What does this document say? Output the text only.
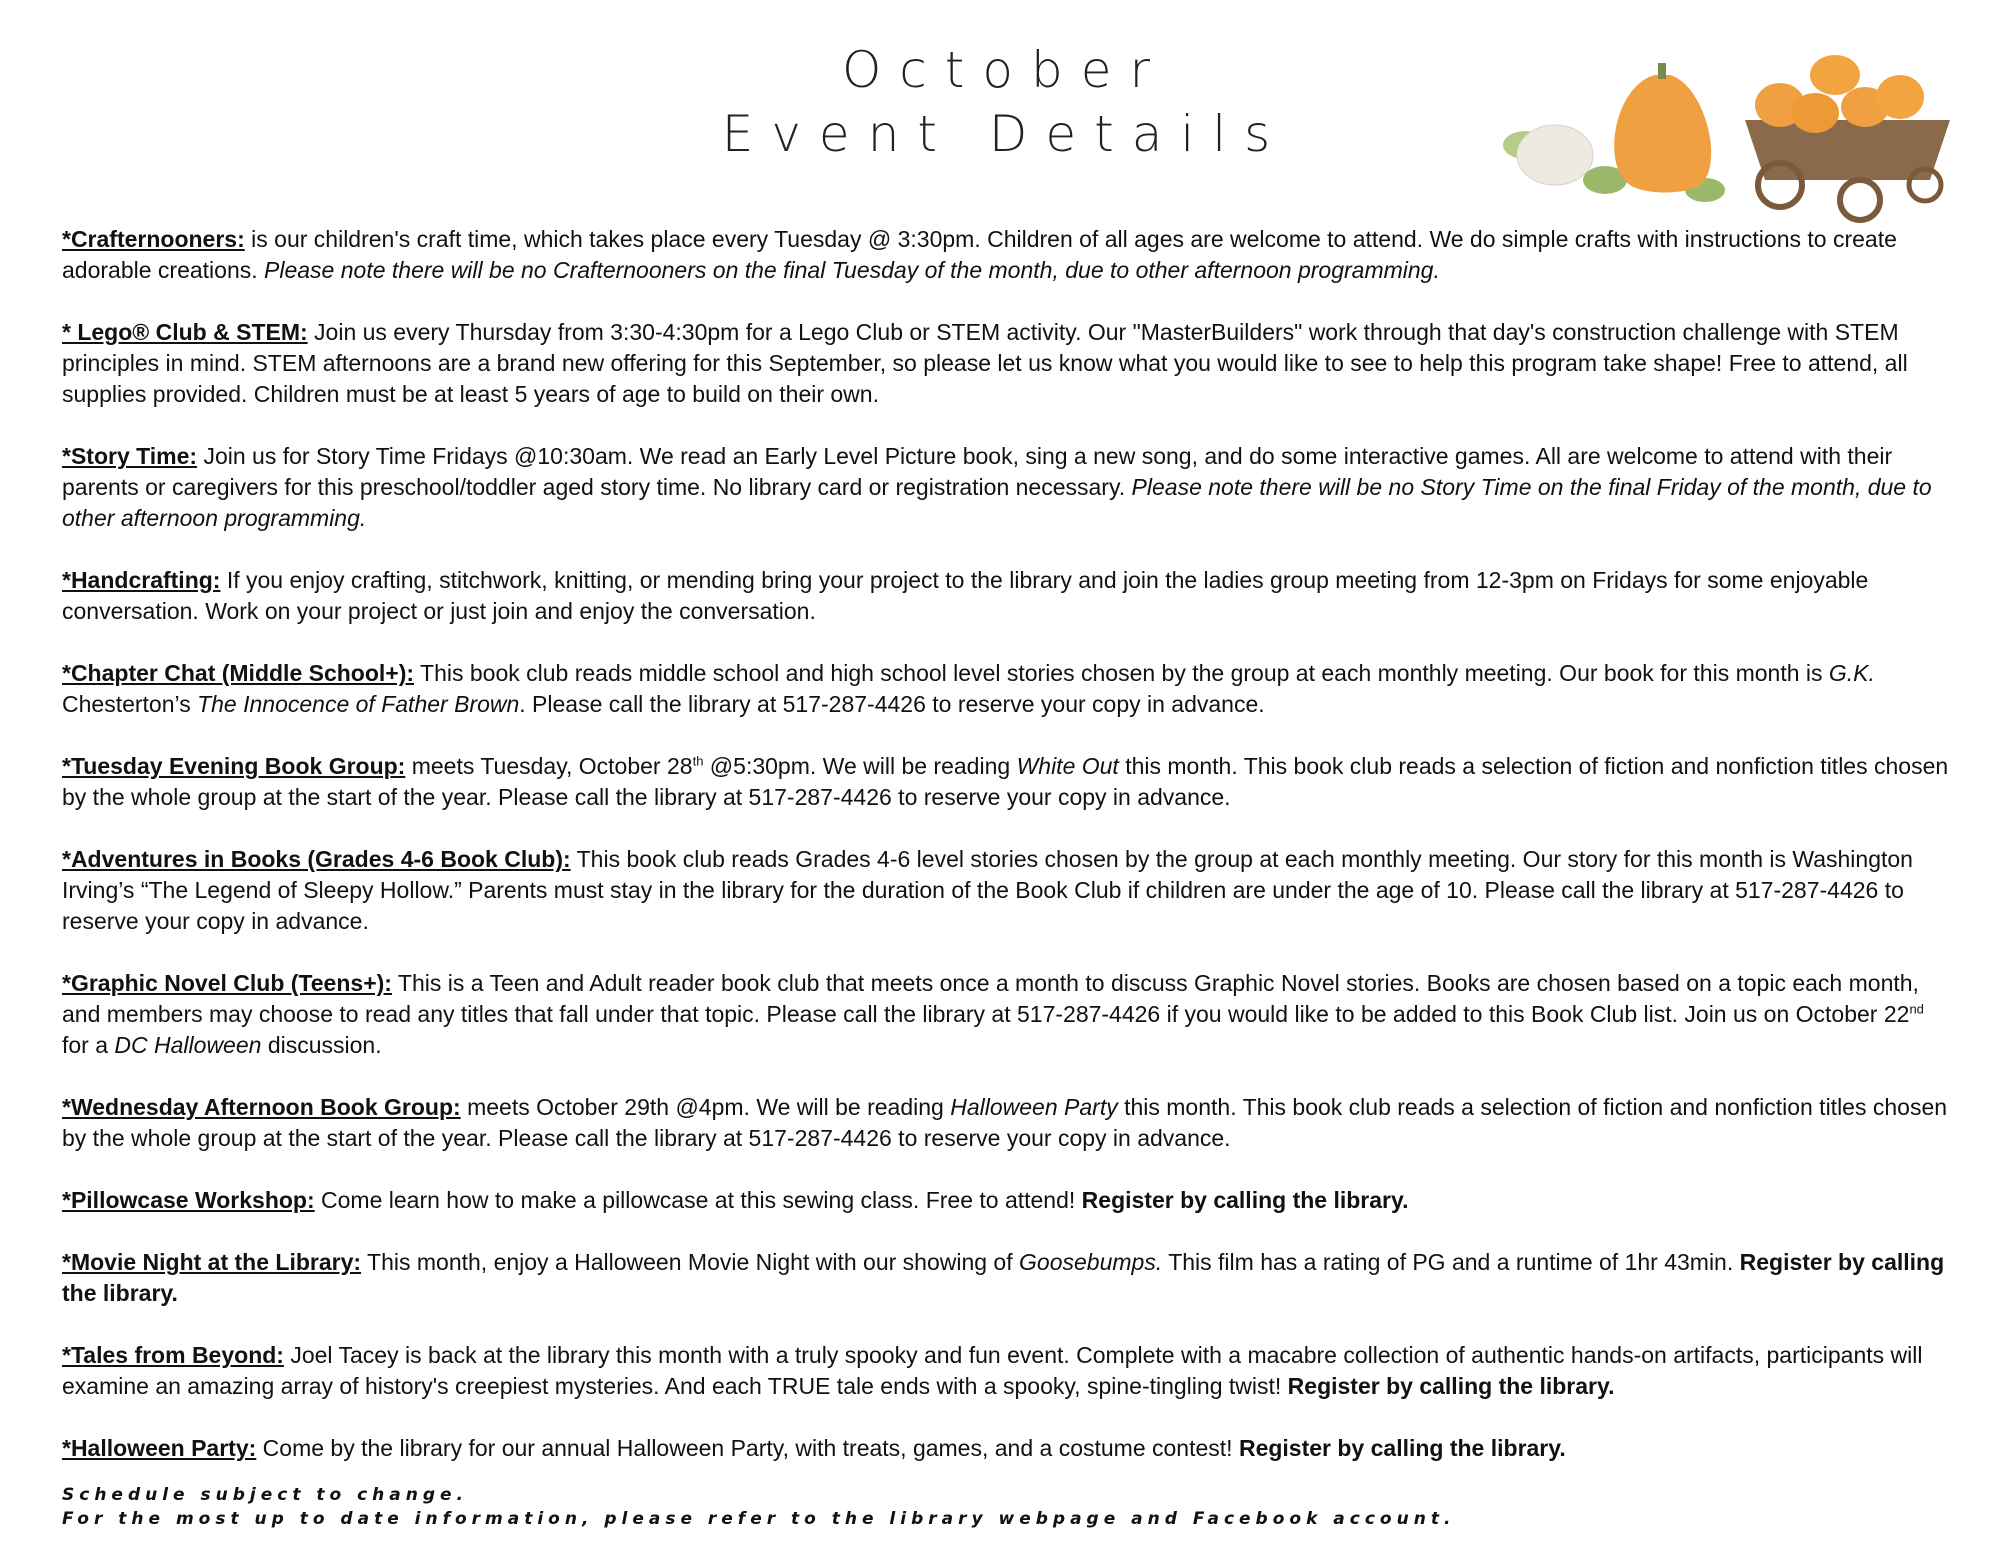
October
Event Details

*Crafternooners: is our children's craft time, which takes place every Tuesday @ 3:30pm. Children of all ages are welcome to attend. We do simple crafts with instructions to create adorable creations. Please note there will be no Crafternooners on the final Tuesday of the month, due to other afternoon programming.

* Lego® Club & STEM: Join us every Thursday from 3:30-4:30pm for a Lego Club or STEM activity. Our "MasterBuilders" work through that day's construction challenge with STEM principles in mind. STEM afternoons are a brand new offering for this September, so please let us know what you would like to see to help this program take shape! Free to attend, all supplies provided. Children must be at least 5 years of age to build on their own.

*Story Time: Join us for Story Time Fridays @10:30am. We read an Early Level Picture book, sing a new song, and do some interactive games. All are welcome to attend with their parents or caregivers for this preschool/toddler aged story time. No library card or registration necessary. Please note there will be no Story Time on the final Friday of the month, due to other afternoon programming.

*Handcrafting: If you enjoy crafting, stitchwork, knitting, or mending bring your project to the library and join the ladies group meeting from 12-3pm on Fridays for some enjoyable conversation. Work on your project or just join and enjoy the conversation.

*Chapter Chat (Middle School+): This book club reads middle school and high school level stories chosen by the group at each monthly meeting. Our book for this month is G.K. Chesterton’s The Innocence of Father Brown. Please call the library at 517-287-4426 to reserve your copy in advance.

*Tuesday Evening Book Group: meets Tuesday, October 28th @5:30pm. We will be reading White Out this month. This book club reads a selection of fiction and nonfiction titles chosen by the whole group at the start of the year. Please call the library at 517-287-4426 to reserve your copy in advance.

*Adventures in Books (Grades 4-6 Book Club): This book club reads Grades 4-6 level stories chosen by the group at each monthly meeting. Our story for this month is Washington Irving’s “The Legend of Sleepy Hollow.” Parents must stay in the library for the duration of the Book Club if children are under the age of 10. Please call the library at 517-287-4426 to reserve your copy in advance.

*Graphic Novel Club (Teens+): This is a Teen and Adult reader book club that meets once a month to discuss Graphic Novel stories. Books are chosen based on a topic each month, and members may choose to read any titles that fall under that topic. Please call the library at 517-287-4426 if you would like to be added to this Book Club list. Join us on October 22nd for a DC Halloween discussion.

*Wednesday Afternoon Book Group: meets October 29th @4pm. We will be reading Halloween Party this month. This book club reads a selection of fiction and nonfiction titles chosen by the whole group at the start of the year. Please call the library at 517-287-4426 to reserve your copy in advance.

*Pillowcase Workshop: Come learn how to make a pillowcase at this sewing class. Free to attend! Register by calling the library.

*Movie Night at the Library: This month, enjoy a Halloween Movie Night with our showing of Goosebumps. This film has a rating of PG and a runtime of 1hr 43min. Register by calling the library.

*Tales from Beyond: Joel Tacey is back at the library this month with a truly spooky and fun event. Complete with a macabre collection of authentic hands-on artifacts, participants will examine an amazing array of history's creepiest mysteries. And each TRUE tale ends with a spooky, spine-tingling twist! Register by calling the library.

*Halloween Party: Come by the library for our annual Halloween Party, with treats, games, and a costume contest! Register by calling the library.

Schedule subject to change.
For the most up to date information, please refer to the library webpage and Facebook account.
